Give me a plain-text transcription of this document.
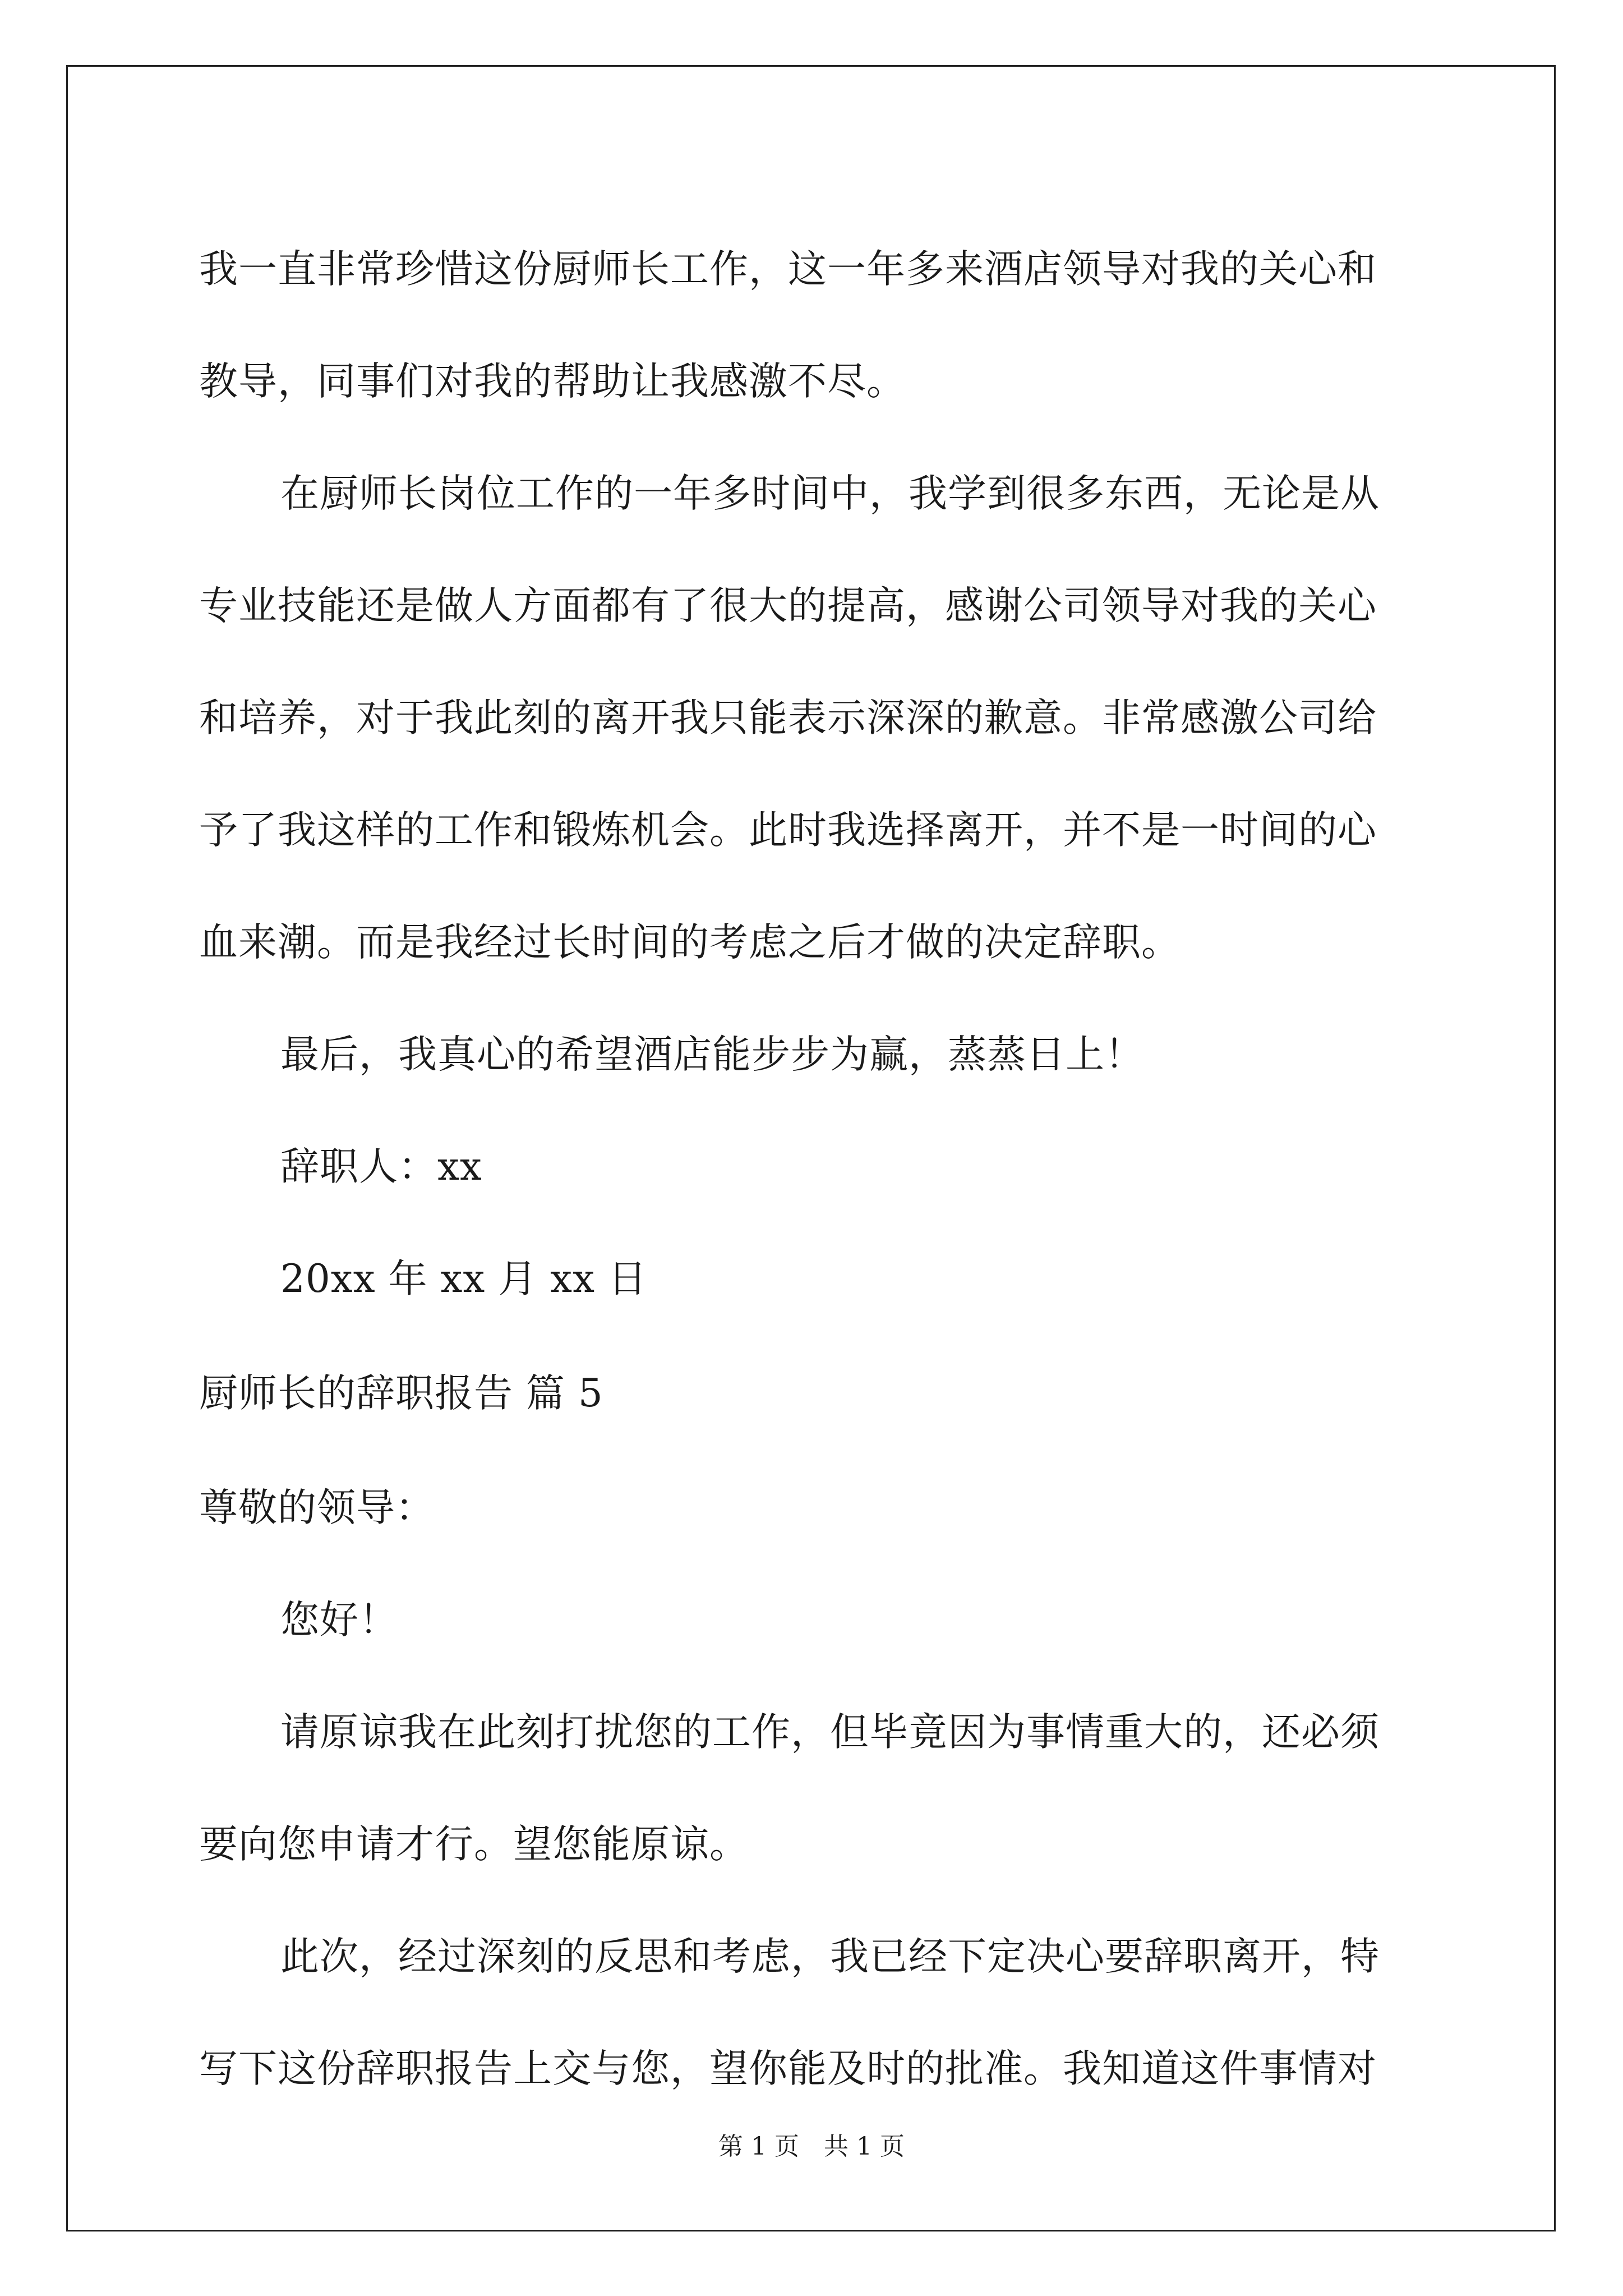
我一直非常珍惜这份厨师长工作，这一年多来酒店领导对我的关心和
教导，同事们对我的帮助让我感激不尽。
在厨师长岗位工作的一年多时间中，我学到很多东西，无论是从
专业技能还是做人方面都有了很大的提高，感谢公司领导对我的关心
和培养，对于我此刻的离开我只能表示深深的歉意。非常感激公司给
予了我这样的工作和锻炼机会。此时我选择离开，并不是一时间的心
血来潮。而是我经过长时间的考虑之后才做的决定辞职。
最后，我真心的希望酒店能步步为赢，蒸蒸日上！
辞职人：xx
20xx 年 xx 月 xx 日
厨师长的辞职报告 篇 5
尊敬的领导：
您好！
请原谅我在此刻打扰您的工作，但毕竟因为事情重大的，还必须
要向您申请才行。望您能原谅。
此次，经过深刻的反思和考虑，我已经下定决心要辞职离开，特
写下这份辞职报告上交与您，望你能及时的批准。我知道这件事情对
第 1 页　共 1 页
